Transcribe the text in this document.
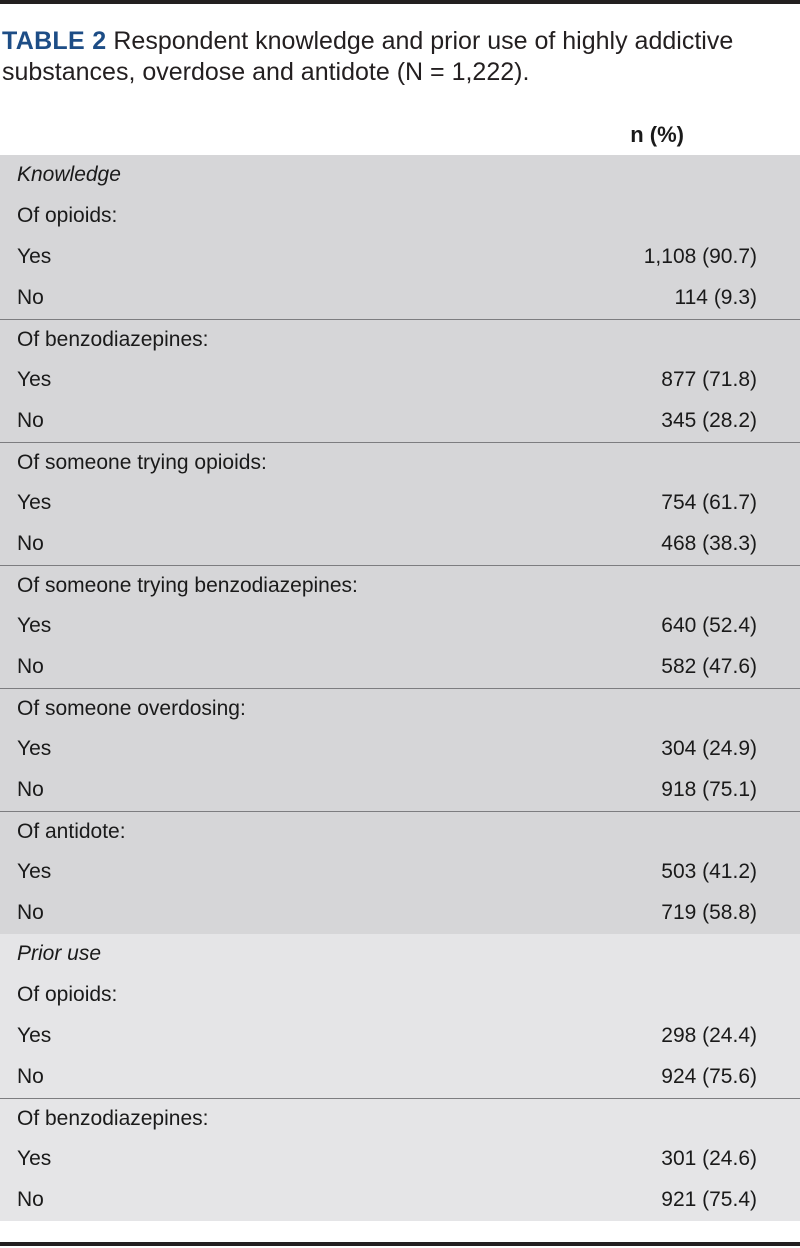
TABLE 2 Respondent knowledge and prior use of highly addictive substances, overdose and antidote (N = 1,222).
n (%)
Knowledge
Of opioids:
Yes	1,108 (90.7)
No	114 (9.3)
Of benzodiazepines:
Yes	877 (71.8)
No	345 (28.2)
Of someone trying opioids:
Yes	754 (61.7)
No	468 (38.3)
Of someone trying benzodiazepines:
Yes	640 (52.4)
No	582 (47.6)
Of someone overdosing:
Yes	304 (24.9)
No	918 (75.1)
Of antidote:
Yes	503 (41.2)
No	719 (58.8)
Prior use
Of opioids:
Yes	298 (24.4)
No	924 (75.6)
Of benzodiazepines:
Yes	301 (24.6)
No	921 (75.4)
